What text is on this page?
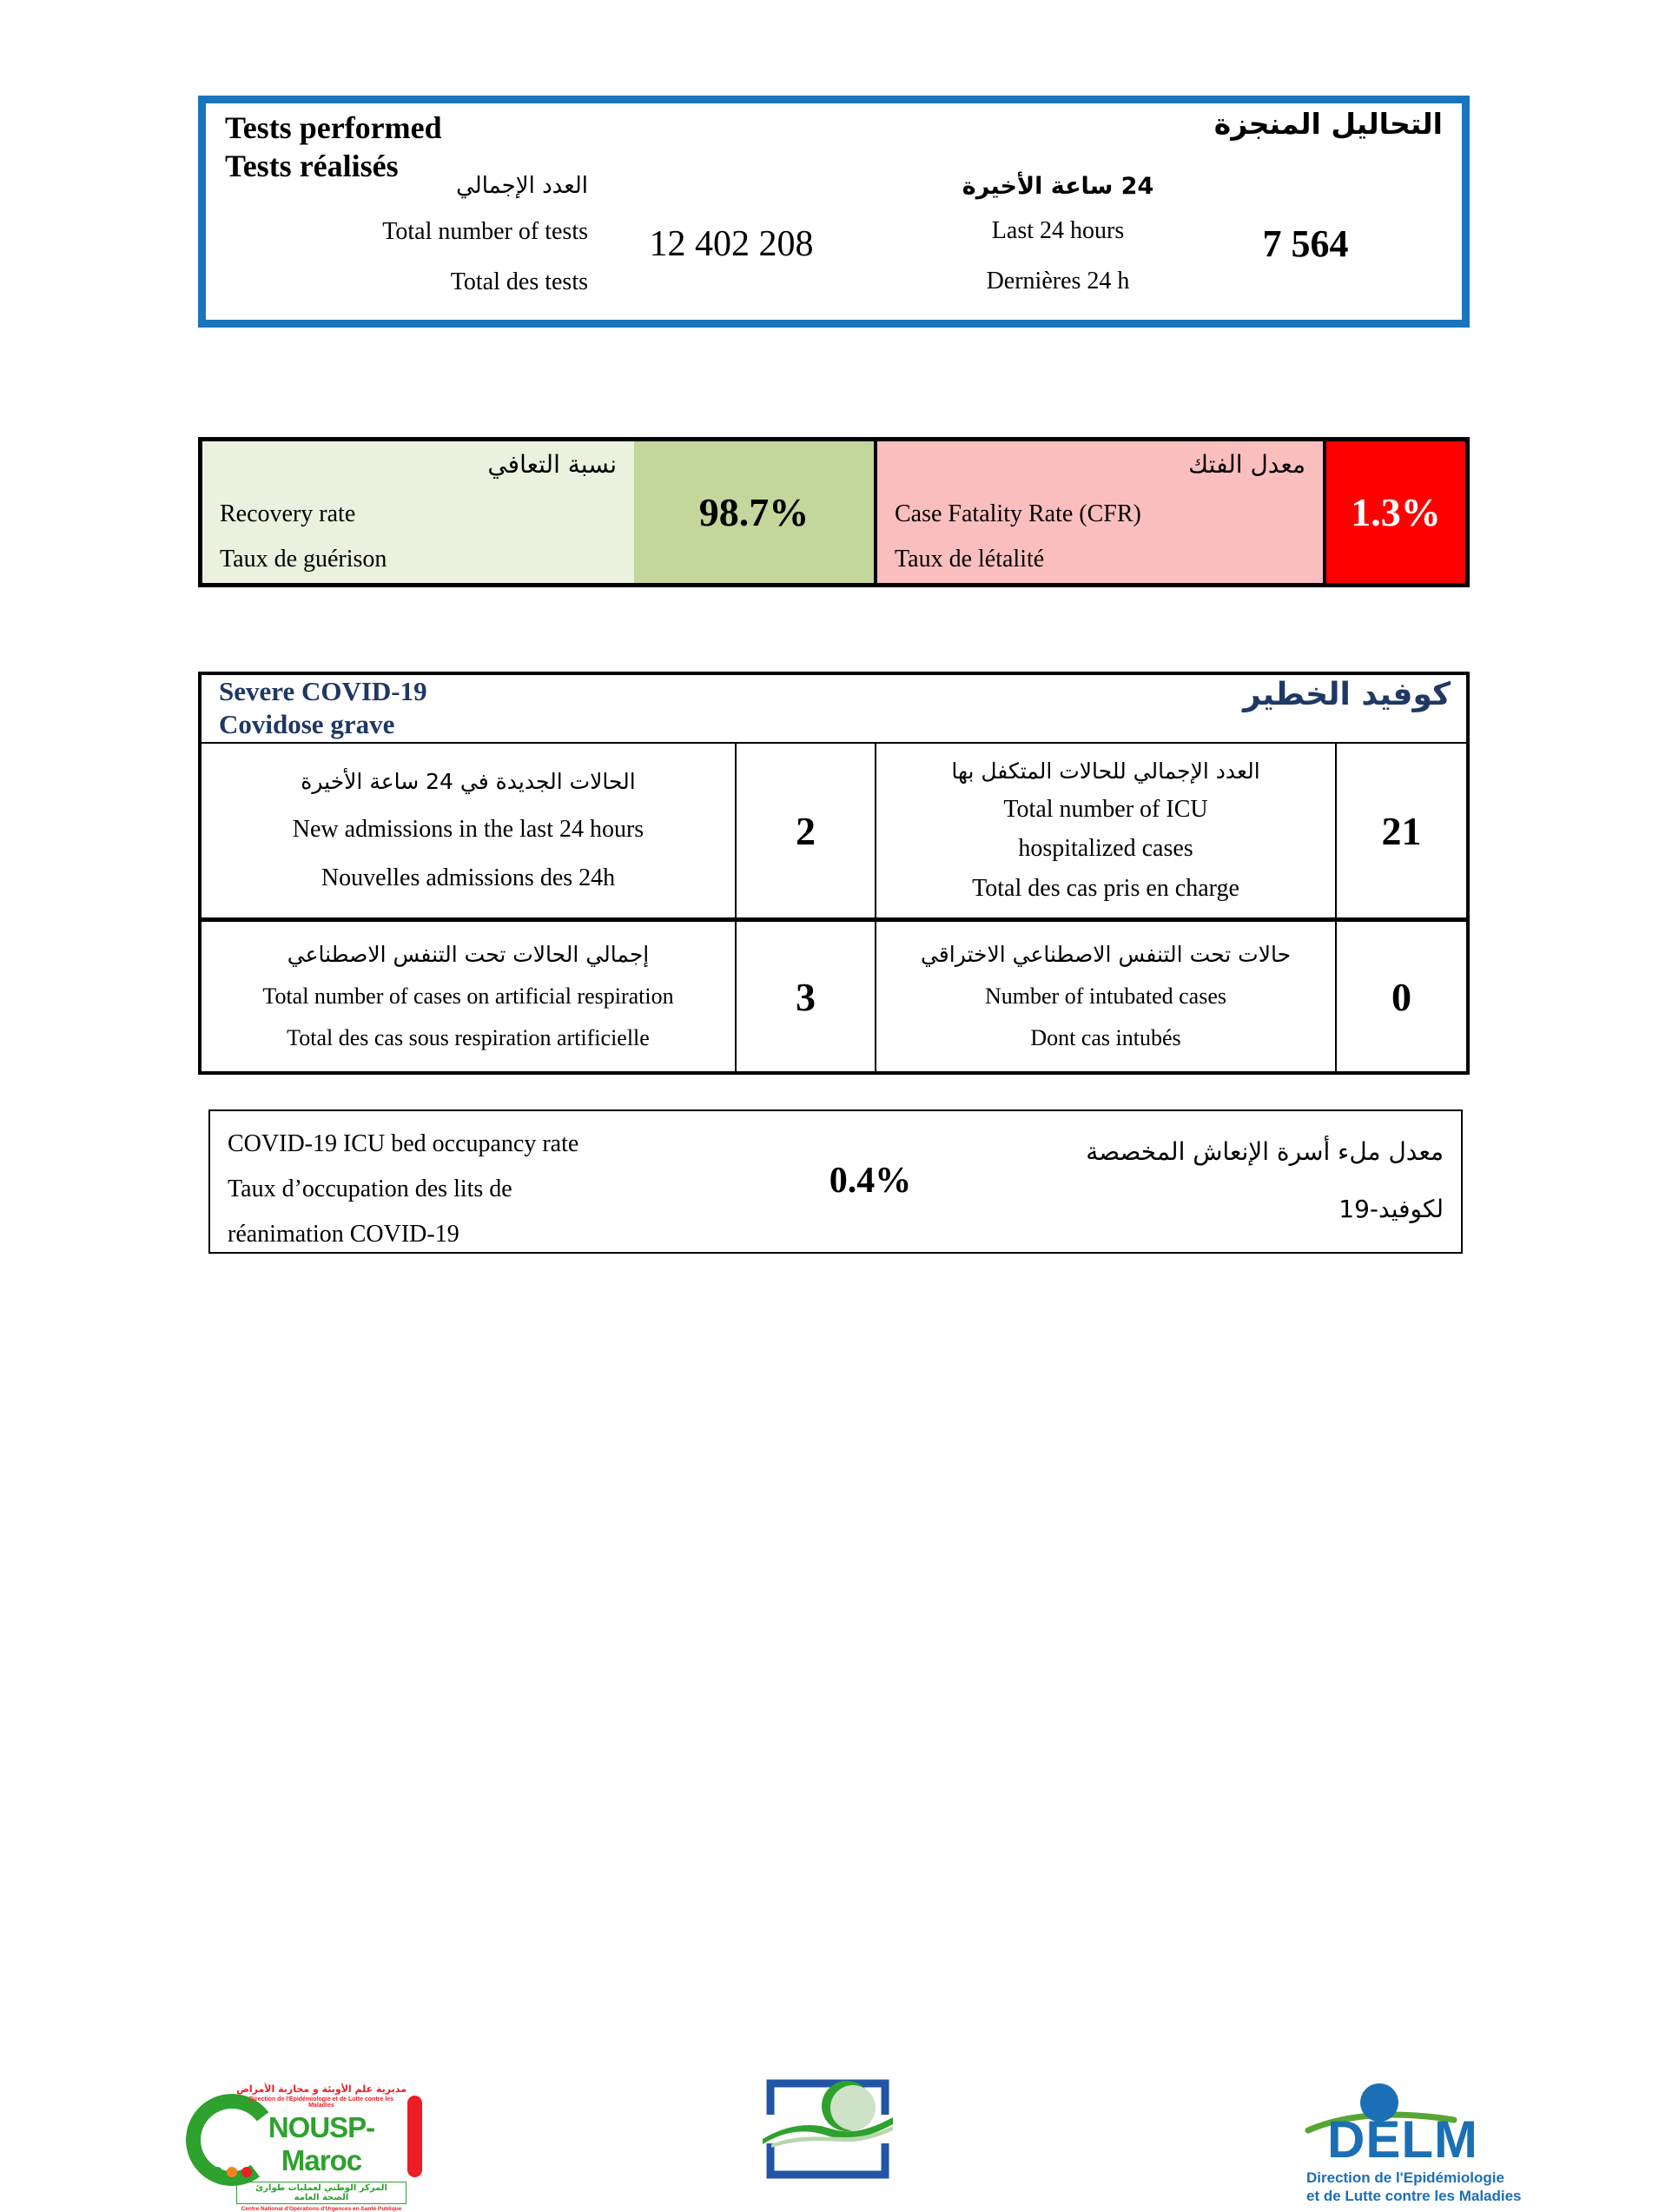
Tests performed
Tests réalisés
التحاليل المنجزة
العدد الإجمالي
Total number of tests
Total des tests
12 402 208
24 ساعة الأخيرة
Last 24 hours
Dernières 24 h
7 564
نسبة التعافي
Recovery rate
Taux de guérison
98.7%
معدل الفتك
Case Fatality Rate (CFR)
Taux de létalité
1.3%
Severe COVID-19
Covidose grave
كوفيد الخطير
الحالات الجديدة في 24 ساعة الأخيرة
New admissions in the last 24 hours
Nouvelles admissions des 24h
2
العدد الإجمالي للحالات المتكفل بها
Total number of ICU
hospitalized cases
Total des cas pris en charge
21
إجمالي الحالات تحت التنفس الاصطناعي
Total number of cases on artificial respiration
Total des cas sous respiration artificielle
3
حالات تحت التنفس الاصطناعي الاختراقي
Number of intubated cases
Dont cas intubés
0
COVID-19 ICU bed occupancy rate
Taux d’occupation des lits de
réanimation COVID-19
0.4%
معدل ملء أسرة الإنعاش المخصصة
لكوفيد-19
مديرية علم الأوبئة و محاربة الأمراض
Direction de l'Epidémiologie et de Lutte contre les Maladies
NOUSP-Maroc
المركز الوطني لعمليات طوارئ الصحة العامة
Centre National d'Opérations d'Urgences en Santé Publique
DELM
Direction de l'Epidémiologie
et de Lutte contre les Maladies
